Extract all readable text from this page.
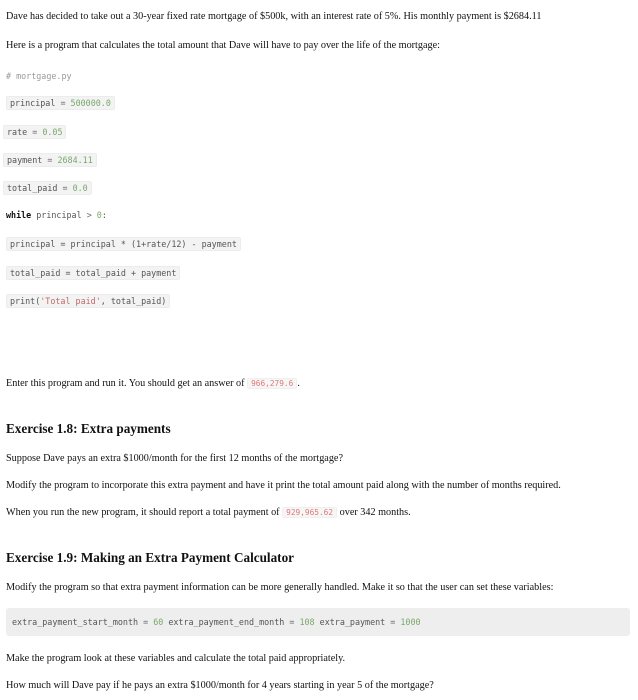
Dave has decided to take out a 30-year fixed rate mortgage of $500k, with an interest rate of 5%. His monthly payment is $2684.11
Here is a program that calculates the total amount that Dave will have to pay over the life of the mortgage:
# mortgage.py
principal = 500000.0
rate = 0.05
payment = 2684.11
total_paid = 0.0
while principal > 0:
principal = principal * (1+rate/12) - payment
total_paid = total_paid + payment
print('Total paid', total_paid)
Enter this program and run it. You should get an answer of 966,279.6 .
Exercise 1.8: Extra payments
Suppose Dave pays an extra $1000/month for the first 12 months of the mortgage?
Modify the program to incorporate this extra payment and have it print the total amount paid along with the number of months required.
When you run the new program, it should report a total payment of 929,965.62 over 342 months.
Exercise 1.9: Making an Extra Payment Calculator
Modify the program so that extra payment information can be more generally handled. Make it so that the user can set these variables:
extra_payment_start_month = 60 extra_payment_end_month = 108 extra_payment = 1000
Make the program look at these variables and calculate the total paid appropriately.
How much will Dave pay if he pays an extra $1000/month for 4 years starting in year 5 of the mortgage?
